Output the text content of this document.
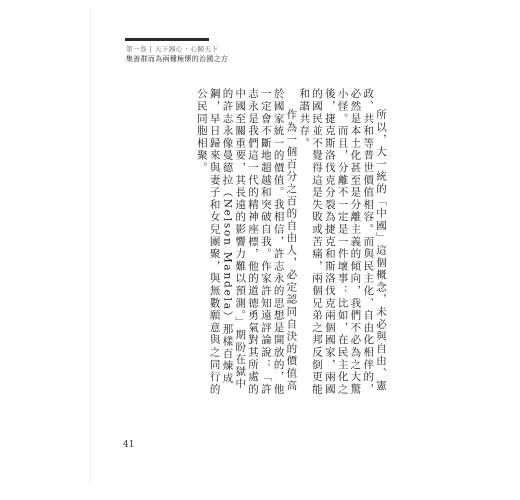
第一卷 | 天下歸心 · 心歸天下
集善群而為兩種極懷的治國之方

所以，大一統的「中國」這個概念，未必與自由、憲政、共和等普世價值相容。而與民主化、自由化相伴的，必然是本土化甚至是分離主義的傾向，我們不必為之大驚小怪。而且，分離不一定是一件壞事：比如，在民主化之後，捷克斯洛伐克分裂為捷克和斯洛伐克兩個國家，兩國的國民並不覺得這是失敗或苦痛，兩個兄弟之邦反倒更能和諧共存。

作為一個百分之百的自由人，必定認同自決的價值高於國家統一的價值。我相信，許志永的思想是開放的，他一定會不斷地超越和突破自我。作家許知遠評論說：「許志永是我們這一代的精神座標，他的道德勇氣對其所處的中國至關重要，其長遠的影響力難以預測。」期盼在獄中的許志永像曼德拉（Nelson Mandela）那樣百煉成鋼，早日歸來與妻子和女兒團聚，與無數願意與之同行的公民同胞相聚。

41
